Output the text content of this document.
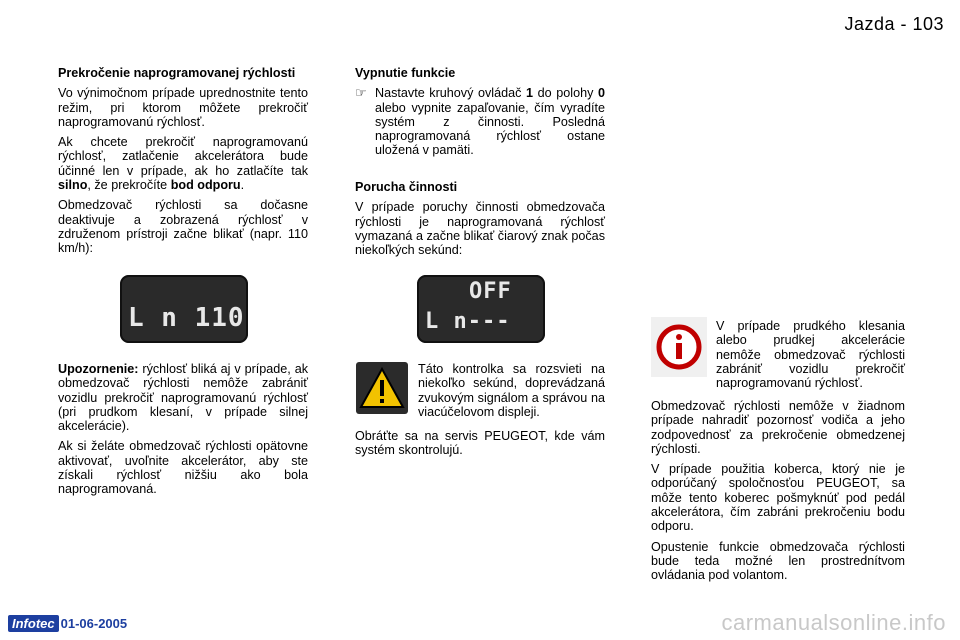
Jazda - 103
Prekročenie naprogramovanej rýchlosti

Vo výnimočnom prípade uprednostnite tento režim, pri ktorom môžete prekročiť naprogramovanú rýchlosť.

Ak chcete prekročiť naprogramovanú rýchlosť, zatlačenie akcelerátora bude účinné len v prípade, ak ho zatlačíte tak silno, že prekročíte bod odporu.

Obmedzovač rýchlosti sa dočasne deaktivuje a zobrazená rýchlosť v združenom prístroji začne blikať (napr. 110 km/h):

L n 110

Upozornenie: rýchlosť bliká aj v prípade, ak obmedzovač rýchlosti nemôže zabrániť vozidlu prekročiť naprogramovanú rýchlosť (pri prudkom klesaní, v prípade silnej akcelerácie).

Ak si želáte obmedzovač rýchlosti opätovne aktivovať, uvoľnite akcelerátor, aby ste získali rýchlosť nižšiu ako bola naprogramovaná.

Vypnutie funkcie
☞ Nastavte kruhový ovládač 1 do polohy 0 alebo vypnite zapaľovanie, čím vyradíte systém z činnosti. Posledná naprogramovaná rýchlosť ostane uložená v pamäti.
Porucha činnosti

V prípade poruchy činnosti obmedzovača rýchlosti je naprogramovaná rýchlosť vymazaná a začne blikať čiarový znak počas niekoľkých sekúnd:

OFF
L n---

Táto kontrolka sa rozsvieti na niekoľko sekúnd, doprevádzaná zvukovým signálom a správou na viacúčelovom displeji.

Obráťte sa na servis PEUGEOT, kde vám systém skontrolujú.

V prípade prudkého klesania alebo prudkej akcelerácie nemôže obmedzovač rýchlosti zabrániť vozidlu prekročiť naprogramovanú rýchlosť.

Obmedzovač rýchlosti nemôže v žiadnom prípade nahradiť pozornosť vodiča a jeho zodpovednosť za prekročenie obmedzenej rýchlosti.

V prípade použitia koberca, ktorý nie je odporúčaný spoločnosťou PEUGEOT, sa môže tento koberec pošmyknúť pod pedál akcelerátora, čím zabráni prekročeniu bodu odporu.

Opustenie funkcie obmedzovača rýchlosti bude teda možné len prostrednítvom ovládania pod volantom.

Infotec 01-06-2005	carmanualsonline.info
